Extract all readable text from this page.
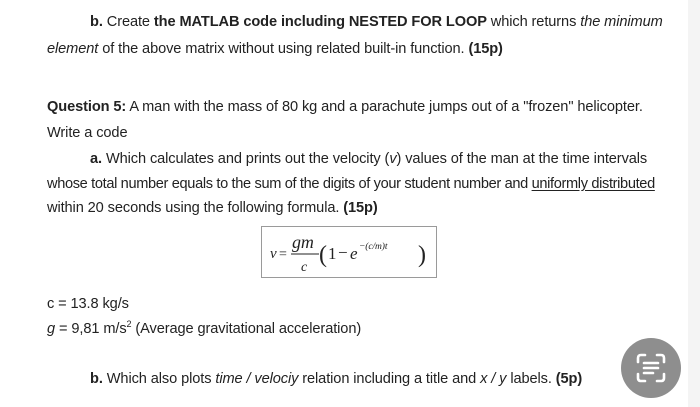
b. Create the MATLAB code including NESTED FOR LOOP which returns the minimum
element of the above matrix without using related built-in function. (15p)
Question 5: A man with the mass of 80 kg and a parachute jumps out of a "frozen" helicopter.
Write a code
a. Which calculates and prints out the velocity (v) values of the man at the time intervals
whose total number equals to the sum of the digits of your student number and uniformly distributed
within 20 seconds using the following formula. (15p)
v =
gm
c ( 1 − e −(c/m)t )
c = 13.8 kg/s
g = 9,81 $m/s^2$ (Average gravitational acceleration)
b. Which also plots time / velociy relation including a title and x / y labels. (5p)
